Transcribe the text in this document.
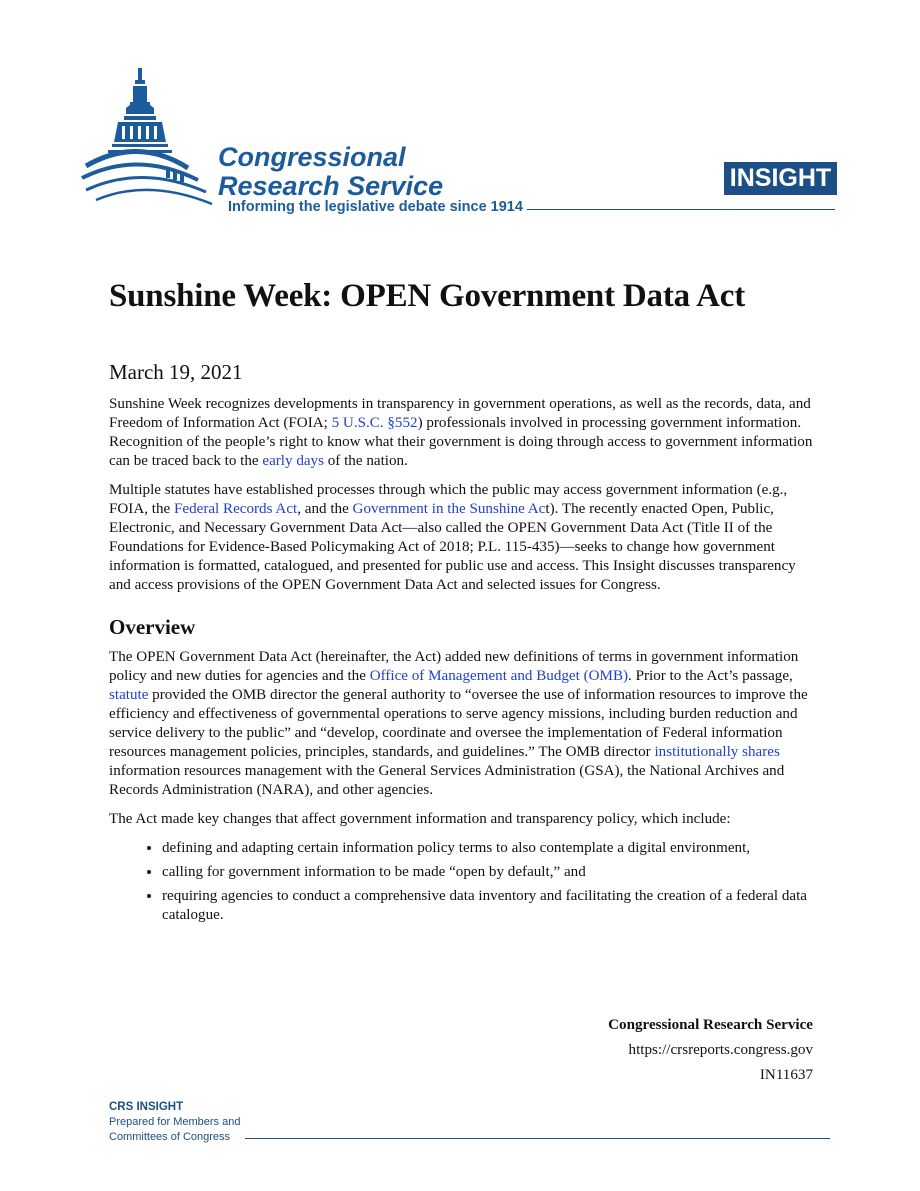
Congressional
Research Service
Informing the legislative debate since 1914
INSIGHT
Sunshine Week: OPEN Government Data Act
March 19, 2021

Sunshine Week recognizes developments in transparency in government operations, as well as the records, data, and Freedom of Information Act (FOIA; 5 U.S.C. §552) professionals involved in processing government information. Recognition of the people’s right to know what their government is doing through access to government information can be traced back to the early days of the nation.

Multiple statutes have established processes through which the public may access government information (e.g., FOIA, the Federal Records Act, and the Government in the Sunshine Act). The recently enacted Open, Public, Electronic, and Necessary Government Data Act—also called the OPEN Government Data Act (Title II of the Foundations for Evidence-Based Policymaking Act of 2018; P.L. 115-435)—seeks to change how government information is formatted, catalogued, and presented for public use and access. This Insight discusses transparency and access provisions of the OPEN Government Data Act and selected issues for Congress.

Overview

The OPEN Government Data Act (hereinafter, the Act) added new definitions of terms in government information policy and new duties for agencies and the Office of Management and Budget (OMB). Prior to the Act’s passage, statute provided the OMB director the general authority to “oversee the use of information resources to improve the efficiency and effectiveness of governmental operations to serve agency missions, including burden reduction and service delivery to the public” and “develop, coordinate and oversee the implementation of Federal information resources management policies, principles, standards, and guidelines.” The OMB director institutionally shares information resources management with the General Services Administration (GSA), the National Archives and Records Administration (NARA), and other agencies.

The Act made key changes that affect government information and transparency policy, which include:

• defining and adapting certain information policy terms to also contemplate a digital environment,
• calling for government information to be made “open by default,” and
• requiring agencies to conduct a comprehensive data inventory and facilitating the creation of a federal data catalogue.
Congressional Research Service
https://crsreports.congress.gov
IN11637
CRS INSIGHT
Prepared for Members and
Committees of Congress
